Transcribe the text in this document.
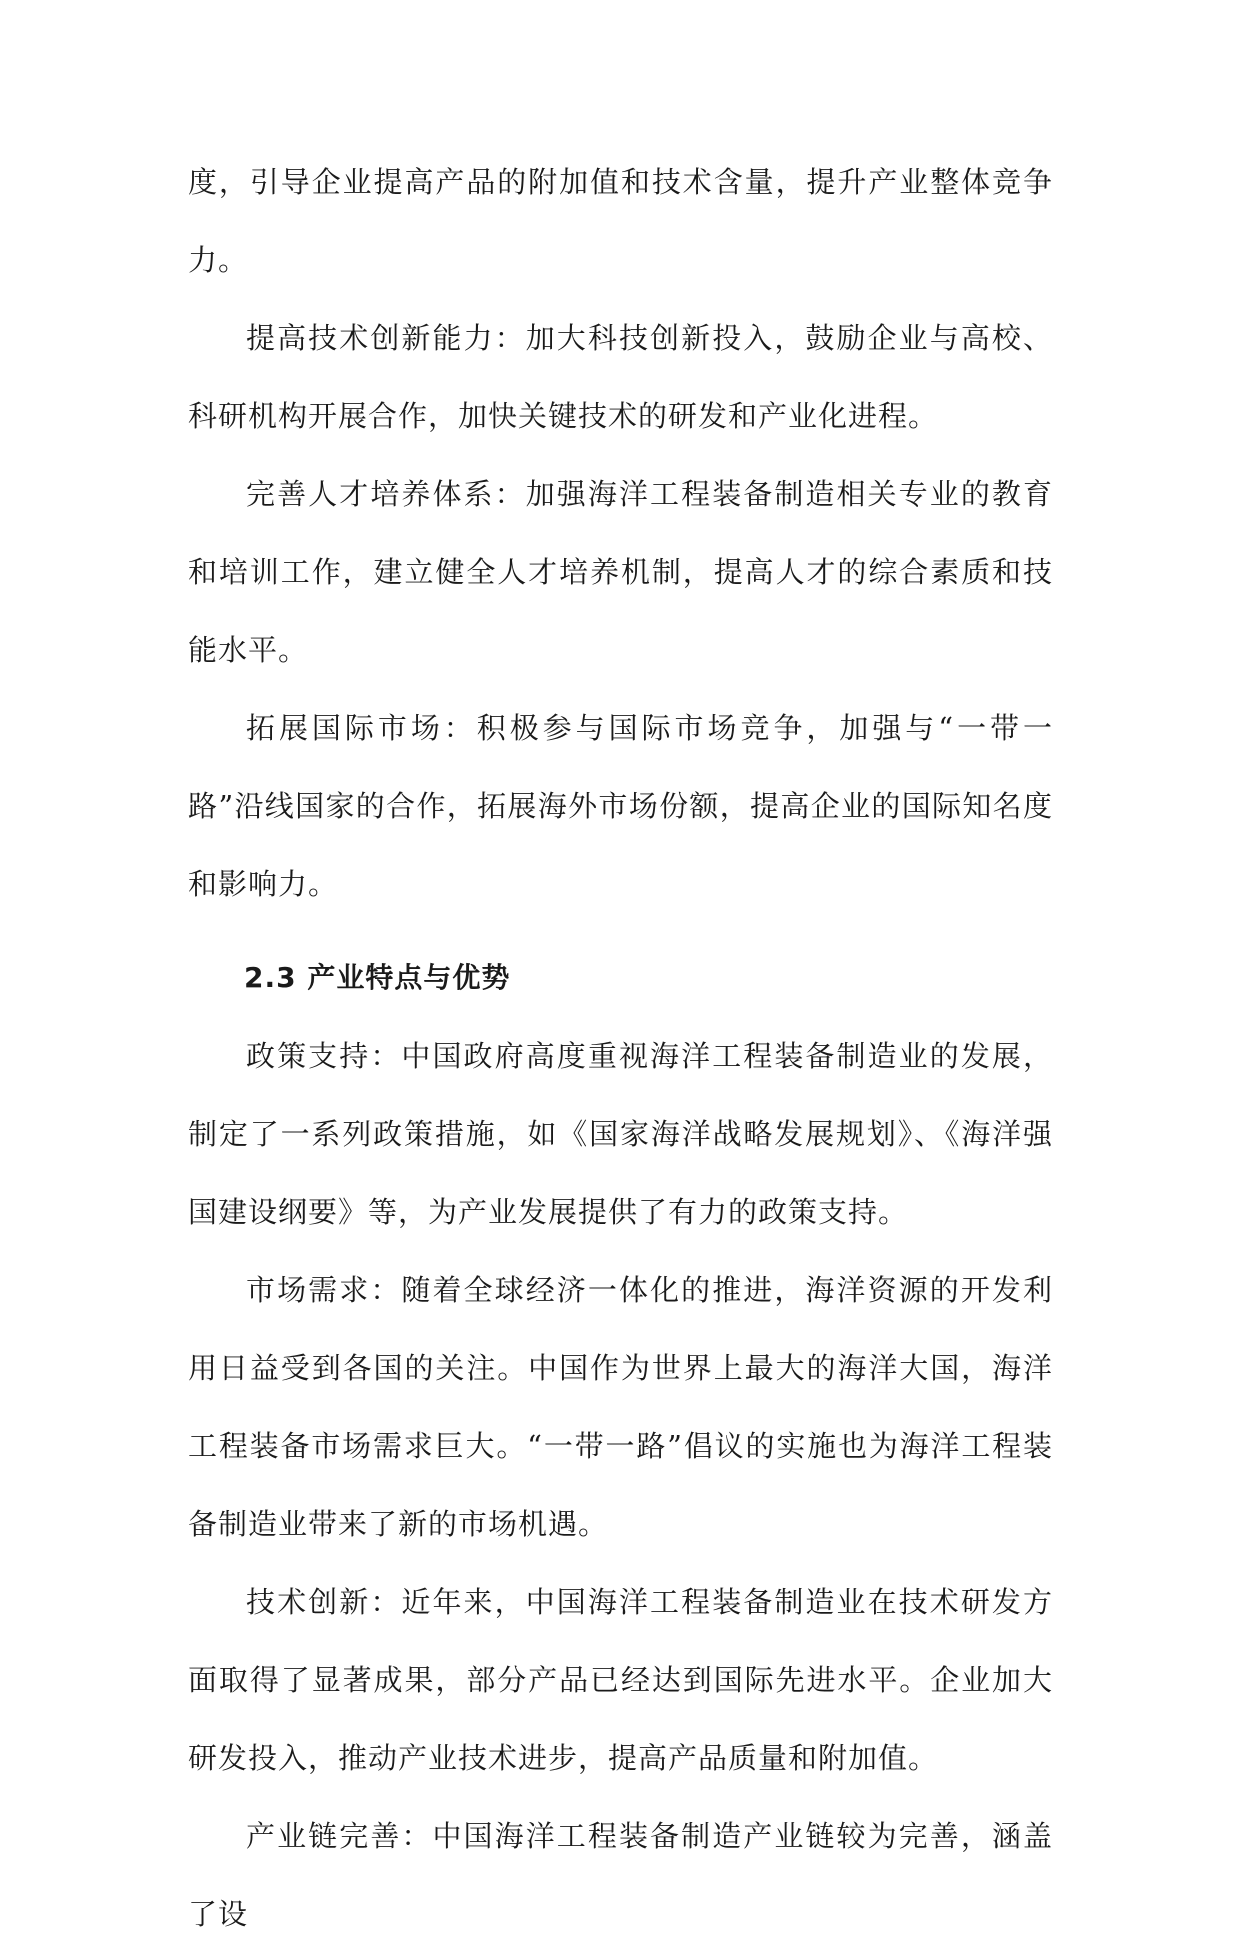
度，引导企业提高产品的附加值和技术含量，提升产业整体竞争力。

提高技术创新能力：加大科技创新投入，鼓励企业与高校、科研机构开展合作，加快关键技术的研发和产业化进程。

完善人才培养体系：加强海洋工程装备制造相关专业的教育和培训工作，建立健全人才培养机制，提高人才的综合素质和技能水平。

拓展国际市场：积极参与国际市场竞争，加强与“一带一路”沿线国家的合作，拓展海外市场份额，提高企业的国际知名度和影响力。

2.3 产业特点与优势

政策支持：中国政府高度重视海洋工程装备制造业的发展，制定了一系列政策措施，如《国家海洋战略发展规划》、《海洋强国建设纲要》等，为产业发展提供了有力的政策支持。

市场需求：随着全球经济一体化的推进，海洋资源的开发利用日益受到各国的关注。中国作为世界上最大的海洋大国，海洋工程装备市场需求巨大。“一带一路”倡议的实施也为海洋工程装备制造业带来了新的市场机遇。

技术创新：近年来，中国海洋工程装备制造业在技术研发方面取得了显著成果，部分产品已经达到国际先进水平。企业加大研发投入，推动产业技术进步，提高产品质量和附加值。

产业链完善：中国海洋工程装备制造产业链较为完善，涵盖了设
